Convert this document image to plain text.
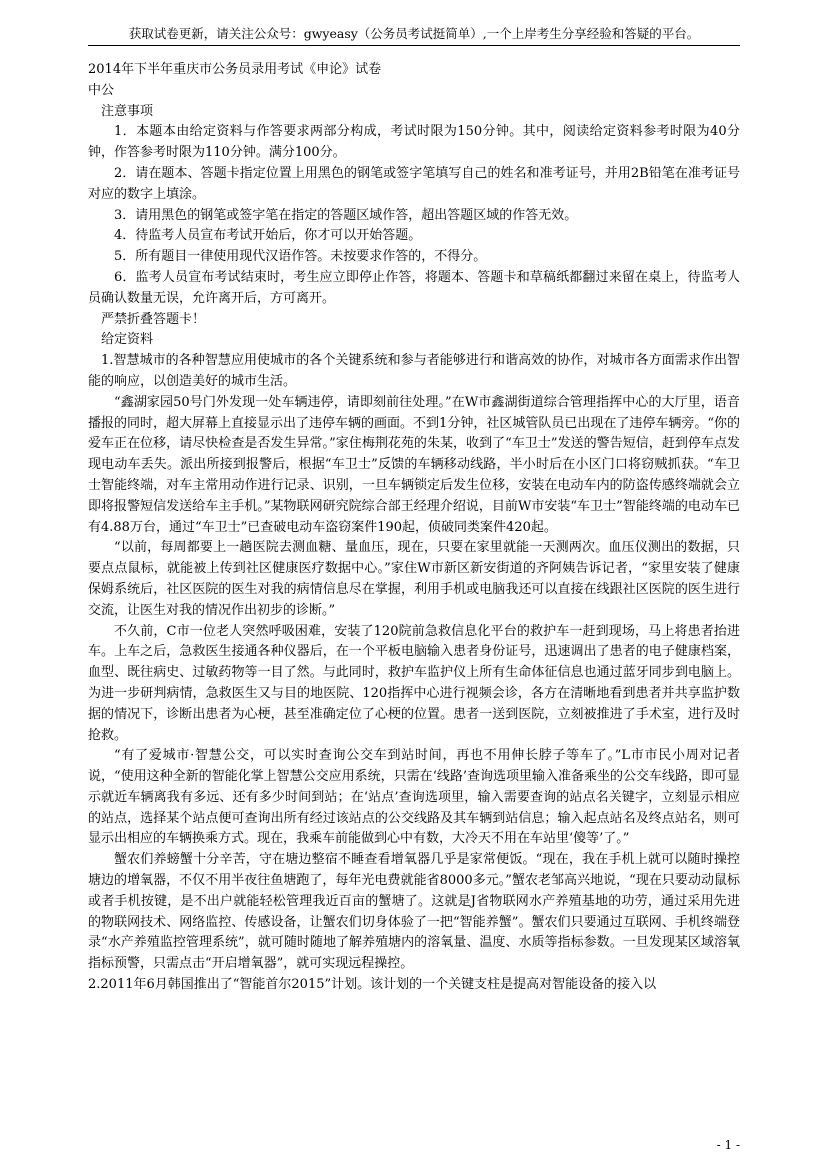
获取试卷更新，请关注公众号：gwyeasy（公务员考试挺简单）,一个上岸考生分享经验和答疑的平台。

2014年下半年重庆市公务员录用考试《申论》试卷

中公

注意事项

1．本题本由给定资料与作答要求两部分构成，考试时限为150分钟。其中，阅读给定资料参考时限为40分钟，作答参考时限为110分钟。满分100分。

2．请在题本、答题卡指定位置上用黑色的钢笔或签字笔填写自己的姓名和准考证号，并用2B铅笔在准考证号对应的数字上填涂。

3．请用黑色的钢笔或签字笔在指定的答题区域作答，超出答题区域的作答无效。

4．待监考人员宣布考试开始后，你才可以开始答题。

5．所有题目一律使用现代汉语作答。未按要求作答的，不得分。

6．监考人员宣布考试结束时，考生应立即停止作答，将题本、答题卡和草稿纸都翻过来留在桌上，待监考人员确认数量无误，允许离开后，方可离开。

严禁折叠答题卡！

给定资料

1.智慧城市的各种智慧应用使城市的各个关键系统和参与者能够进行和谐高效的协作，对城市各方面需求作出智能的响应，以创造美好的城市生活。

“鑫湖家园50号门外发现一处车辆违停，请即刻前往处理。”在W市鑫湖街道综合管理指挥中心的大厅里，语音播报的同时，超大屏幕上直接显示出了违停车辆的画面。不到1分钟，社区城管队员已出现在了违停车辆旁。“你的爱车正在位移，请尽快检查是否发生异常。”家住梅荆花苑的朱某，收到了“车卫士”发送的警告短信，赶到停车点发现电动车丢失。派出所接到报警后，根据“车卫士”反馈的车辆移动线路，半小时后在小区门口将窃贼抓获。“车卫士智能终端，对车主常用动作进行记录、识别，一旦车辆锁定后发生位移，安装在电动车内的防盗传感终端就会立即将报警短信发送给车主手机。”某物联网研究院综合部王经理介绍说，目前W市安装“车卫士”智能终端的电动车已有4.88万台，通过“车卫士”已查破电动车盗窃案件190起，侦破同类案件420起。

“以前，每周都要上一趟医院去测血糖、量血压，现在，只要在家里就能一天测两次。血压仪测出的数据，只要点点鼠标，就能被上传到社区健康医疗数据中心。”家住W市新区新安街道的齐阿姨告诉记者，“家里安装了健康保姆系统后，社区医院的医生对我的病情信息尽在掌握，利用手机或电脑我还可以直接在线跟社区医院的医生进行交流，让医生对我的情况作出初步的诊断。”

不久前，C市一位老人突然呼吸困难，安装了120院前急救信息化平台的救护车一赶到现场，马上将患者抬进车。上车之后，急救医生接通各种仪器后，在一个平板电脑输入患者身份证号，迅速调出了患者的电子健康档案，血型、既往病史、过敏药物等一目了然。与此同时，救护车监护仪上所有生命体征信息也通过蓝牙同步到电脑上。为进一步研判病情，急救医生又与目的地医院、120指挥中心进行视频会诊，各方在清晰地看到患者并共享监护数据的情况下，诊断出患者为心梗，甚至准确定位了心梗的位置。患者一送到医院，立刻被推进了手术室，进行及时抢救。

“有了爱城市·智慧公交，可以实时查询公交车到站时间，再也不用伸长脖子等车了。”L市市民小周对记者说，“使用这种全新的智能化掌上智慧公交应用系统，只需在‘线路’查询选项里输入准备乘坐的公交车线路，即可显示就近车辆离我有多远、还有多少时间到站；在‘站点’查询选项里，输入需要查询的站点名关键字，立刻显示相应的站点，选择某个站点便可查询出所有经过该站点的公交线路及其车辆到站信息；输入起点站名及终点站名，则可显示出相应的车辆换乘方式。现在，我乘车前能做到心中有数，大冷天不用在车站里‘傻等’了。”

蟹农们养螃蟹十分辛苦，守在塘边整宿不睡查看增氧器几乎是家常便饭。“现在，我在手机上就可以随时操控塘边的增氧器，不仅不用半夜往鱼塘跑了，每年光电费就能省8000多元。”蟹农老邹高兴地说，“现在只要动动鼠标或者手机按键，是不出户就能轻松管理我近百亩的蟹塘了。这就是J省物联网水产养殖基地的功劳，通过采用先进的物联网技术、网络监控、传感设备，让蟹农们切身体验了一把“智能养蟹”。蟹农们只要通过互联网、手机终端登录“水产养殖监控管理系统”，就可随时随地了解养殖塘内的溶氧量、温度、水质等指标参数。一旦发现某区域溶氧指标预警，只需点击“开启增氧器”，就可实现远程操控。

2.2011年6月韩国推出了“智能首尔2015”计划。该计划的一个关键支柱是提高对智能设备的接入以

- 1 -
